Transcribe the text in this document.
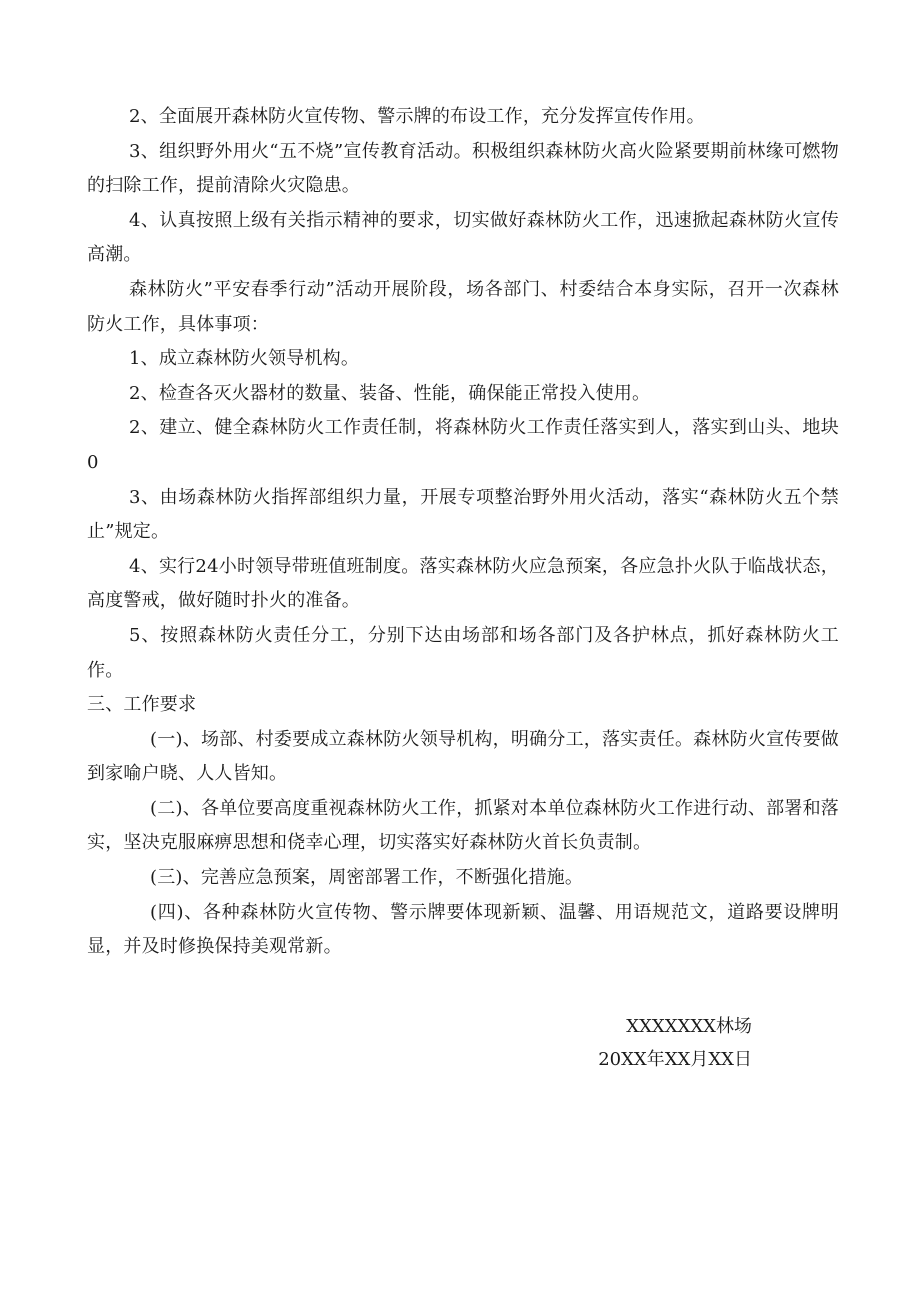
2、全面展开森林防火宣传物、警示牌的布设工作，充分发挥宣传作用。

3、组织野外用火“五不烧”宣传教育活动。积极组织森林防火高火险紧要期前林缘可燃物的扫除工作，提前清除火灾隐患。

4、认真按照上级有关指示精神的要求，切实做好森林防火工作，迅速掀起森林防火宣传高潮。

森林防火”平安春季行动”活动开展阶段，场各部门、村委结合本身实际，召开一次森林防火工作，具体事项：

1、成立森林防火领导机构。

2、检查各灭火器材的数量、装备、性能，确保能正常投入使用。

2、建立、健全森林防火工作责任制，将森林防火工作责任落实到人，落实到山头、地块0

3、由场森林防火指挥部组织力量，开展专项整治野外用火活动，落实“森林防火五个禁止”规定。

4、实行24小时领导带班值班制度。落实森林防火应急预案，各应急扑火队于临战状态，高度警戒，做好随时扑火的准备。

5、按照森林防火责任分工，分别下达由场部和场各部门及各护林点，抓好森林防火工作。

三、工作要求

(一)、场部、村委要成立森林防火领导机构，明确分工，落实责任。森林防火宣传要做到家喻户晓、人人皆知。

(二)、各单位要高度重视森林防火工作，抓紧对本单位森林防火工作进行动、部署和落实，坚决克服麻痹思想和侥幸心理，切实落实好森林防火首长负责制。

(三)、完善应急预案，周密部署工作，不断强化措施。

(四)、各种森林防火宣传物、警示牌要体现新颖、温馨、用语规范文，道路要设牌明显，并及时修换保持美观常新。

XXXXXXX林场
20XX年XX月XX日
